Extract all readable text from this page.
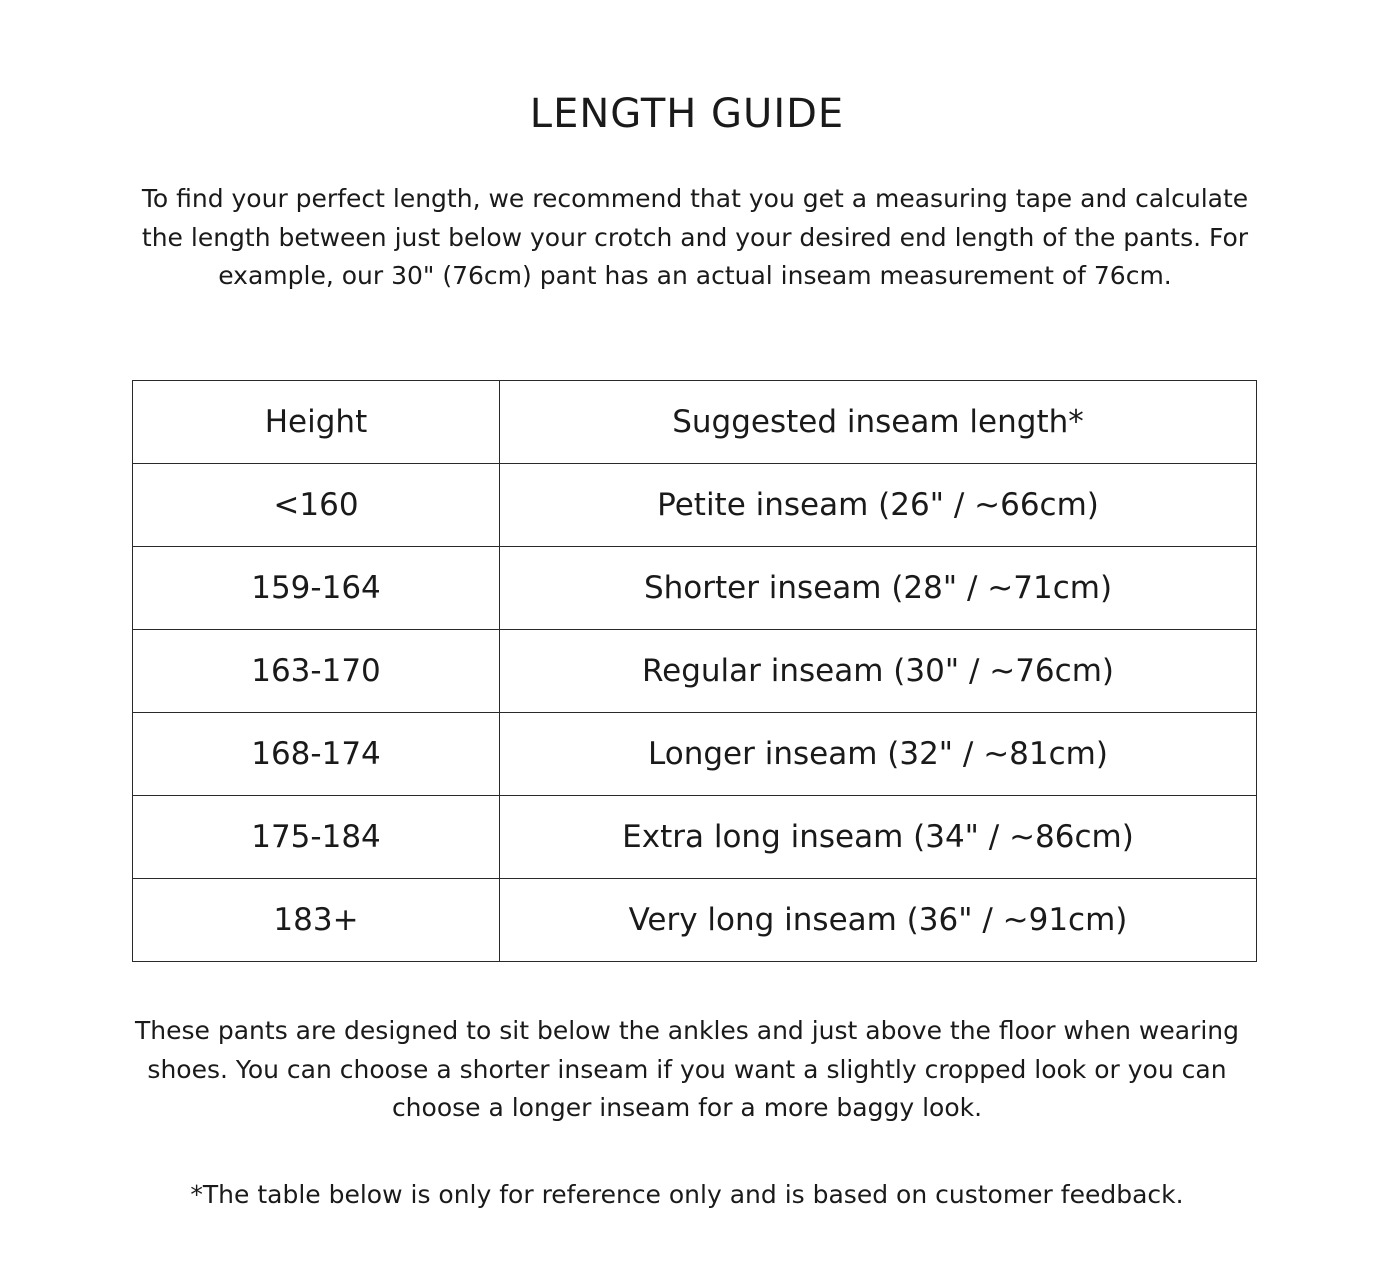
LENGTH GUIDE

To find your perfect length, we recommend that you get a measuring tape and calculate the length between just below your crotch and your desired end length of the pants. For example, our 30" (76cm) pant has an actual inseam measurement of 76cm.

Height	Suggested inseam length*
<160	Petite inseam (26" / ~66cm)
159-164	Shorter inseam (28" / ~71cm)
163-170	Regular inseam (30" / ~76cm)
168-174	Longer inseam (32" / ~81cm)
175-184	Extra long inseam (34" / ~86cm)
183+	Very long inseam (36" / ~91cm)

These pants are designed to sit below the ankles and just above the floor when wearing shoes. You can choose a shorter inseam if you want a slightly cropped look or you can choose a longer inseam for a more baggy look.

*The table below is only for reference only and is based on customer feedback.
